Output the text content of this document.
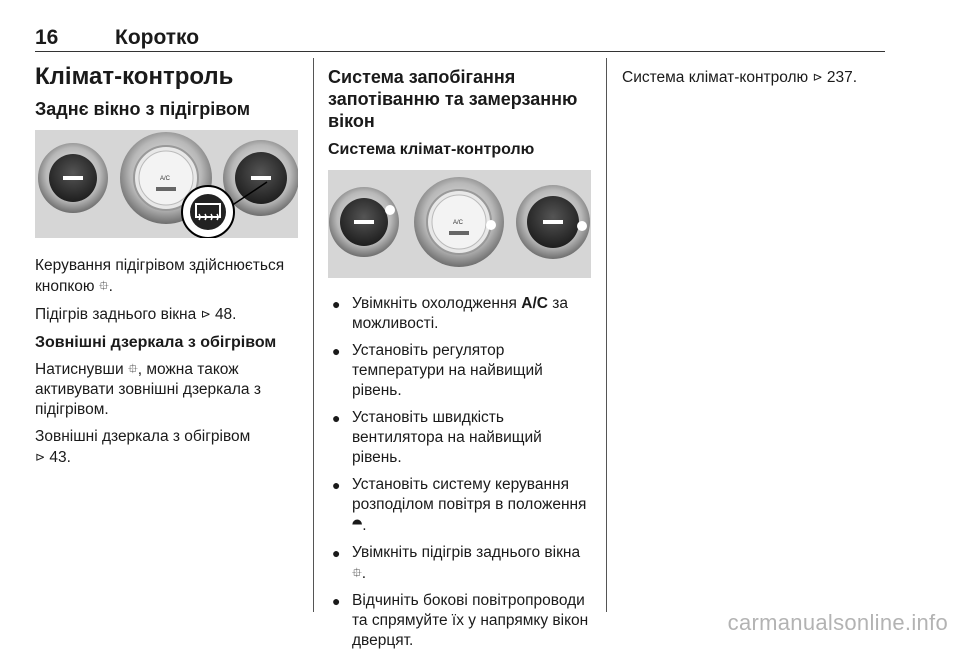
16	Коротко
Клімат-контроль
Заднє вікно з підігрівом
A/C

Керування підігрівом здійснюється кнопкою ⯐.

Підігрів заднього вікна ⊳ 48.

Зовнішні дзеркала з обігрівом

Натиснувши ⯐, можна також активувати зовнішні дзеркала з підігрівом.

Зовнішні дзеркала з обігрівом
⊳ 43.

Система запобігання запотіванню та замерзанню вікон
Система клімат-контролю
A/C
● Увімкніть охолодження A/C за можливості.
● Установіть регулятор температури на найвищий рівень.
● Установіть швидкість вентилятора на найвищий рівень.
● Установіть систему керування розподілом повітря в положення ⯊.
● Увімкніть підігрів заднього вікна ⯐.
● Відчиніть бокові повітропроводи та спрямуйте їх у напрямку вікон дверцят.

Система клімат-контролю ⊳ 237.

carmanualsonline.info
